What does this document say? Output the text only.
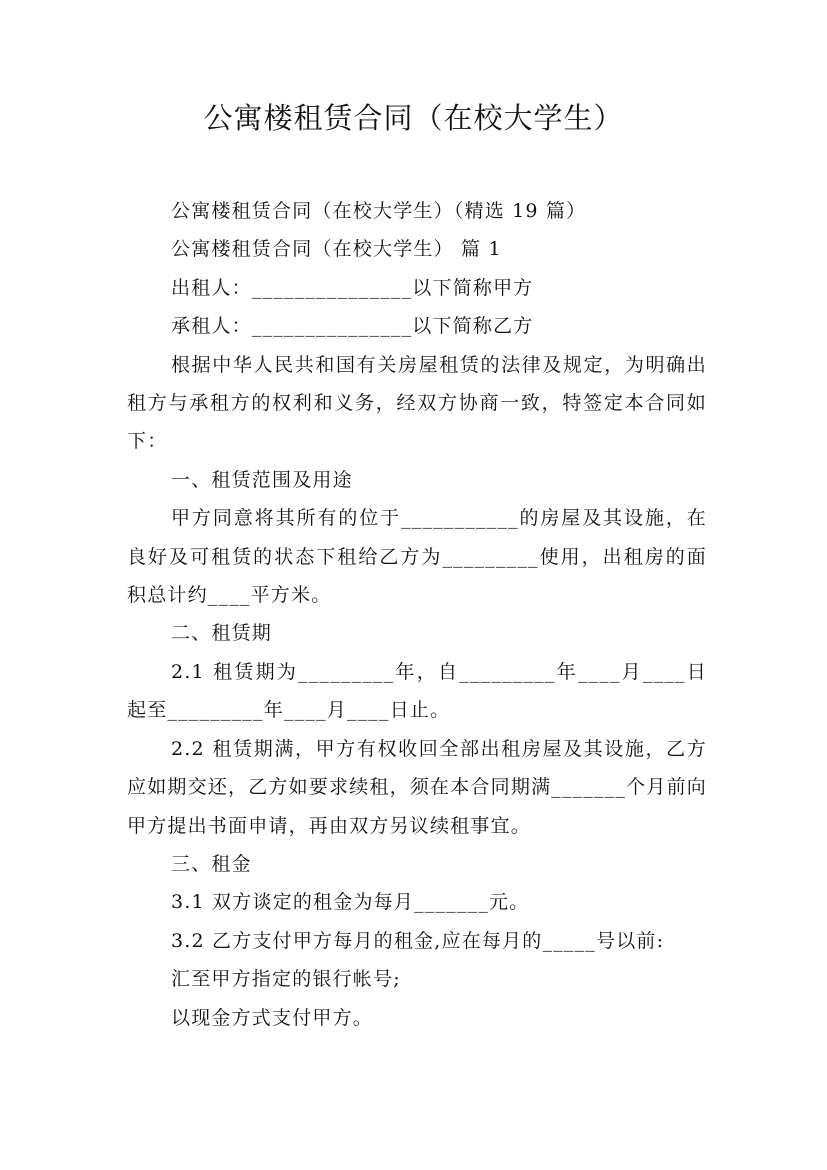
公寓楼租赁合同（在校大学生）

公寓楼租赁合同（在校大学生）（精选 19 篇）

公寓楼租赁合同（在校大学生） 篇 1

出租人：_______________以下简称甲方

承租人：_______________以下简称乙方

根据中华人民共和国有关房屋租赁的法律及规定，为明确出租方与承租方的权利和义务，经双方协商一致，特签定本合同如下：

一、租赁范围及用途

甲方同意将其所有的位于___________的房屋及其设施，在良好及可租赁的状态下租给乙方为_________使用，出租房的面积总计约____平方米。

二、租赁期

2.1 租赁期为_________年，自_________年____月____日起至_________年____月____日止。

2.2 租赁期满，甲方有权收回全部出租房屋及其设施，乙方应如期交还，乙方如要求续租，须在本合同期满_______个月前向甲方提出书面申请，再由双方另议续租事宜。

三、租金

3.1 双方谈定的租金为每月_______元。

3.2 乙方支付甲方每月的租金,应在每月的_____号以前:

汇至甲方指定的银行帐号;

以现金方式支付甲方。
